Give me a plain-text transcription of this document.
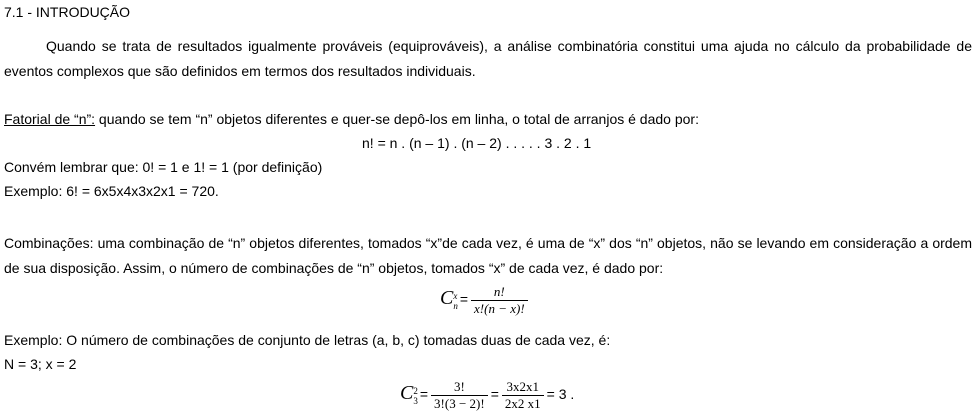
7.1 - INTRODUÇÃO
Quando se trata de resultados igualmente prováveis (equiprováveis), a análise combinatória constitui uma ajuda no cálculo da probabilidade de
eventos complexos que são definidos em termos dos resultados individuais.
Fatorial de “n”: quando se tem “n” objetos diferentes e quer-se depô-los em linha, o total de arranjos é dado por:
n! = n . (n – 1) . (n – 2) . . . . . 3 . 2 . 1
Convém lembrar que: 0! = 1 e 1! = 1 (por definição)
Exemplo: 6! = 6x5x4x3x2x1 = 720.
Combinações: uma combinação de “n” objetos diferentes, tomados “x”de cada vez, é uma de “x” dos “n” objetos, não se levando em consideração a ordem
de sua disposição. Assim, o número de combinações de “n” objetos, tomados “x” de cada vez, é dado por:
C x
$n = \frac{n!}{x!(n - x)!}$
Exemplo: O número de combinações de conjunto de letras (a, b, c) tomadas duas de cada vez, é:
N = 3; x = 2
C 2
$3 = \frac{3!}{3!(3 - 2)!} = \frac{3x2x1}{2x2 x1} = 3$ .
